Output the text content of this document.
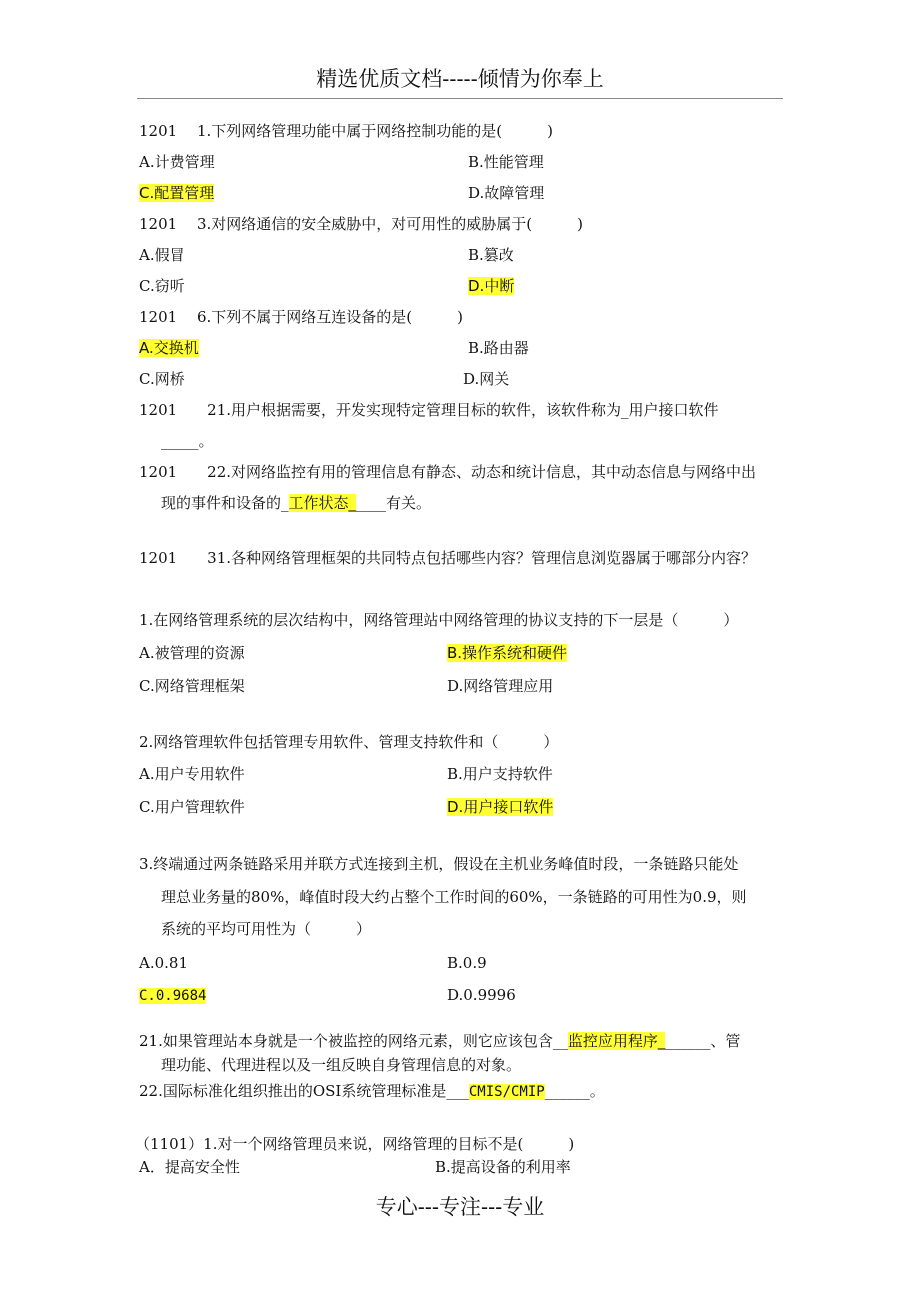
精选优质文档-----倾情为你奉上
1201　 1.下列网络管理功能中属于网络控制功能的是(　　　)
A.计费管理	B.性能管理
C.配置管理	D.故障管理
1201　 3.对网络通信的安全威胁中，对可用性的威胁属于(　　　)
A.假冒	B.篡改
C.窃听	D.中断
1201　 6.下列不属于网络互连设备的是(　　　)
A.交换机	B.路由器
C.网桥	D.网关
1201　　21.用户根据需要，开发实现特定管理目标的软件，该软件称为_用户接口软件
_____。
1201　　22.对网络监控有用的管理信息有静态、动态和统计信息，其中动态信息与网络中出
现的事件和设备的_工作状态_____有关。
1201　　31.各种网络管理框架的共同特点包括哪些内容？管理信息浏览器属于哪部分内容？
1.在网络管理系统的层次结构中，网络管理站中网络管理的协议支持的下一层是（　　　）
A.被管理的资源	B.操作系统和硬件
C.网络管理框架	D.网络管理应用
2.网络管理软件包括管理专用软件、管理支持软件和（　　　）
A.用户专用软件	B.用户支持软件
C.用户管理软件	D.用户接口软件
3.终端通过两条链路采用并联方式连接到主机，假设在主机业务峰值时段，一条链路只能处
理总业务量的80%，峰值时段大约占整个工作时间的60%，一条链路的可用性为0.9，则
系统的平均可用性为（　　　）
A.0.81	B.0.9
C.0.9684	D.0.9996
21.如果管理站本身就是一个被监控的网络元素，则它应该包含__监控应用程序_______、管
理功能、代理进程以及一组反映自身管理信息的对象。
22.国际标准化组织推出的OSI系统管理标准是___CMIS/CMIP______。
（1101）1.对一个网络管理员来说，网络管理的目标不是(　　　)
A．提高安全性	B.提高设备的利用率
专心---专注---专业
